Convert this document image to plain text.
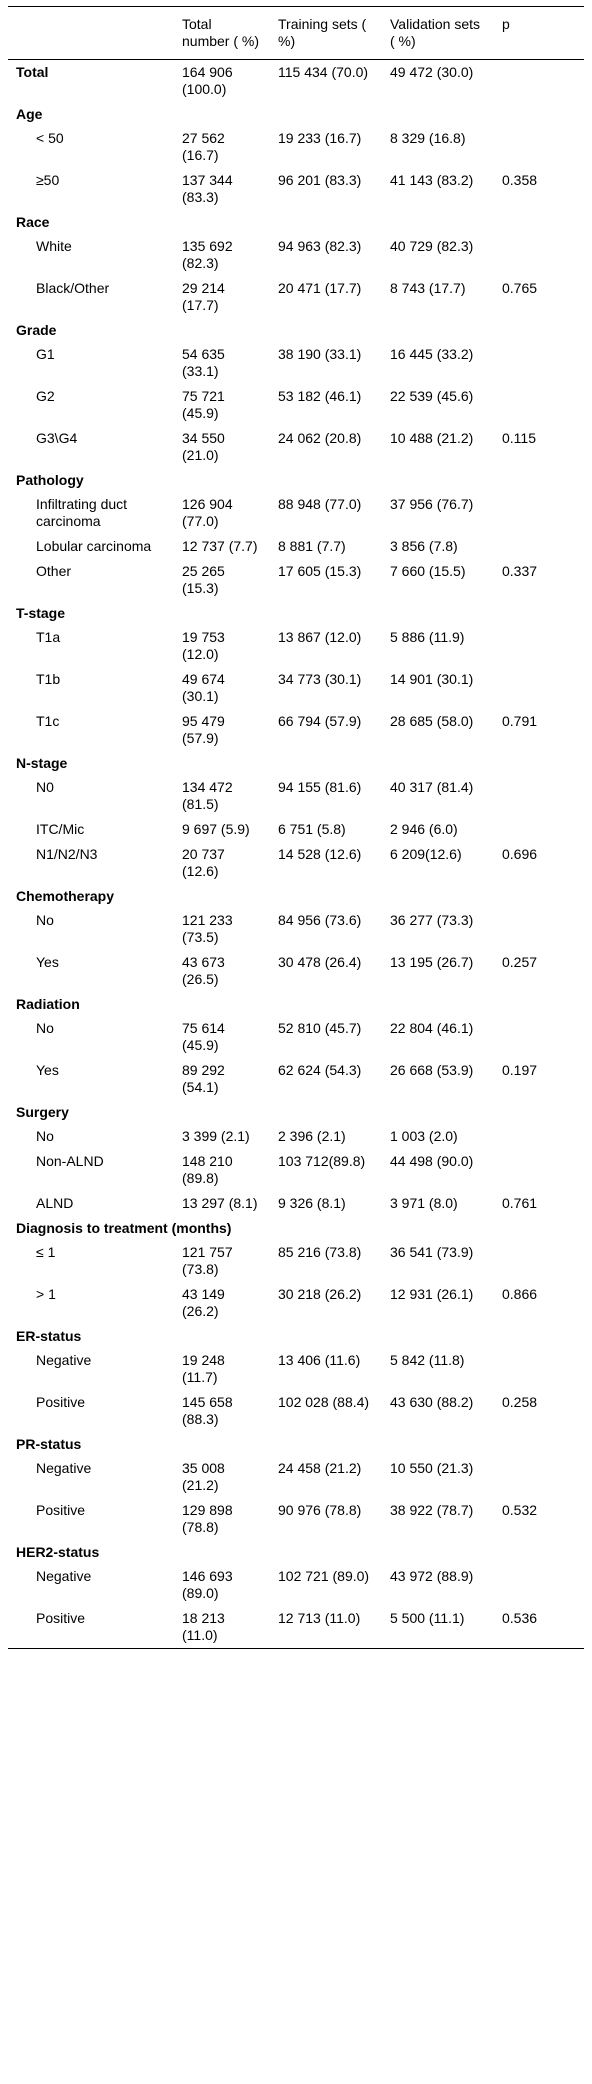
	Total number ( %)	Training sets ( %)	Validation sets ( %)	p
Total	164 906 (100.0)	115 434 (70.0)	49 472 (30.0)	
Age				
< 50	27 562 (16.7)	19 233 (16.7)	8 329 (16.8)	
≥50	137 344 (83.3)	96 201 (83.3)	41 143 (83.2)	0.358
Race				
White	135 692 (82.3)	94 963 (82.3)	40 729 (82.3)	
Black/Other	29 214 (17.7)	20 471 (17.7)	8 743 (17.7)	0.765
Grade				
G1	54 635 (33.1)	38 190 (33.1)	16 445 (33.2)	
G2	75 721 (45.9)	53 182 (46.1)	22 539 (45.6)	
G3\G4	34 550 (21.0)	24 062 (20.8)	10 488 (21.2)	0.115
Pathology				
Infiltrating duct carcinoma	126 904 (77.0)	88 948 (77.0)	37 956 (76.7)	
Lobular carcinoma	12 737 (7.7)	8 881 (7.7)	3 856 (7.8)	
Other	25 265 (15.3)	17 605 (15.3)	7 660 (15.5)	0.337
T-stage				
T1a	19 753 (12.0)	13 867 (12.0)	5 886 (11.9)	
T1b	49 674 (30.1)	34 773 (30.1)	14 901 (30.1)	
T1c	95 479 (57.9)	66 794 (57.9)	28 685 (58.0)	0.791
N-stage				
N0	134 472 (81.5)	94 155 (81.6)	40 317 (81.4)	
ITC/Mic	9 697 (5.9)	6 751 (5.8)	2 946 (6.0)	
N1/N2/N3	20 737 (12.6)	14 528 (12.6)	6 209(12.6)	0.696
Chemotherapy				
No	121 233 (73.5)	84 956 (73.6)	36 277 (73.3)	
Yes	43 673 (26.5)	30 478 (26.4)	13 195 (26.7)	0.257
Radiation				
No	75 614 (45.9)	52 810 (45.7)	22 804 (46.1)	
Yes	89 292 (54.1)	62 624 (54.3)	26 668 (53.9)	0.197
Surgery				
No	3 399 (2.1)	2 396 (2.1)	1 003 (2.0)	
Non-ALND	148 210 (89.8)	103 712(89.8)	44 498 (90.0)	
ALND	13 297 (8.1)	9 326 (8.1)	3 971 (8.0)	0.761
Diagnosis to treatment (months)				
≤ 1	121 757 (73.8)	85 216 (73.8)	36 541 (73.9)	
> 1	43 149 (26.2)	30 218 (26.2)	12 931 (26.1)	0.866
ER-status				
Negative	19 248 (11.7)	13 406 (11.6)	5 842 (11.8)	
Positive	145 658 (88.3)	102 028 (88.4)	43 630 (88.2)	0.258
PR-status				
Negative	35 008 (21.2)	24 458 (21.2)	10 550 (21.3)	
Positive	129 898 (78.8)	90 976 (78.8)	38 922 (78.7)	0.532
HER2-status				
Negative	146 693 (89.0)	102 721 (89.0)	43 972 (88.9)	
Positive	18 213 (11.0)	12 713 (11.0)	5 500 (11.1)	0.536
